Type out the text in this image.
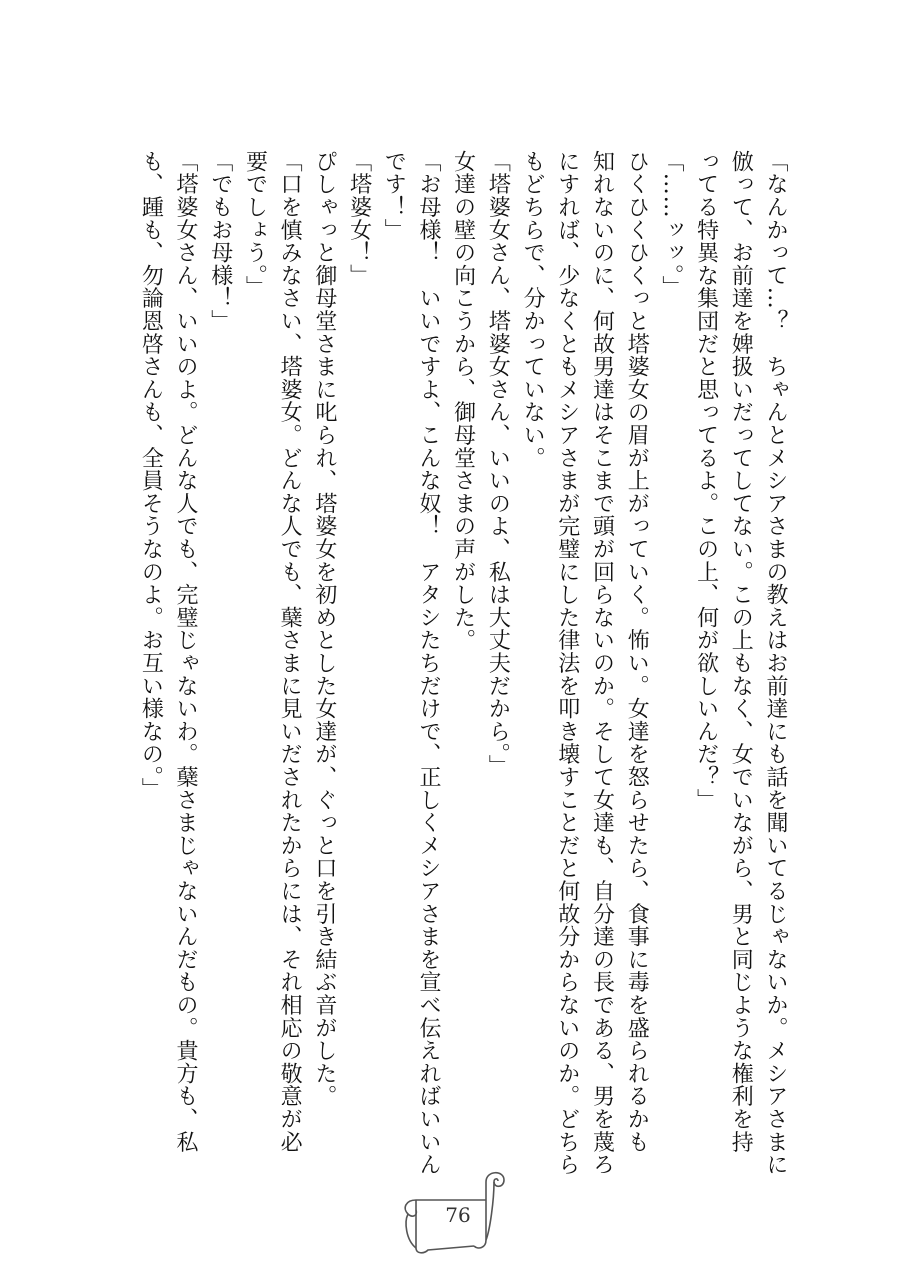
「なんかって…？　ちゃんとメシアさまの教えはお前達にも話を聞いてるじゃないか。メシアさまに
倣って、お前達を婢扱いだってしてない。この上もなく、女でいながら、男と同じような権利を持
ってる特異な集団だと思ってるよ。この上、何が欲しいんだ？」
「……ッッ。」
ひくひくひくっと塔婆女の眉が上がっていく。怖い。女達を怒らせたら、食事に毒を盛られるかも
知れないのに、何故男達はそこまで頭が回らないのか。そして女達も、自分達の長である、男を蔑ろ
にすれば、少なくともメシアさまが完璧にした律法を叩き壊すことだと何故分からないのか。どちら
もどちらで、分かっていない。
「塔婆女さん、塔婆女さん、いいのよ、私は大丈夫だから。」
女達の壁の向こうから、御母堂さまの声がした。
「お母様！　いいですよ、こんな奴！　アタシたちだけで、正しくメシアさまを宣べ伝えればいいん
です！」
「塔婆女！」
ぴしゃっと御母堂さまに叱られ、塔婆女を初めとした女達が、ぐっと口を引き結ぶ音がした。
「口を慎みなさい、塔婆女。どんな人でも、蘖さまに見いだされたからには、それ相応の敬意が必
要でしょう。」
「でもお母様！」
「塔婆女さん、いいのよ。どんな人でも、完璧じゃないわ。蘖さまじゃないんだもの。貴方も、私
も、踵も、勿論恩啓さんも、全員そうなのよ。お互い様なの。」
76
